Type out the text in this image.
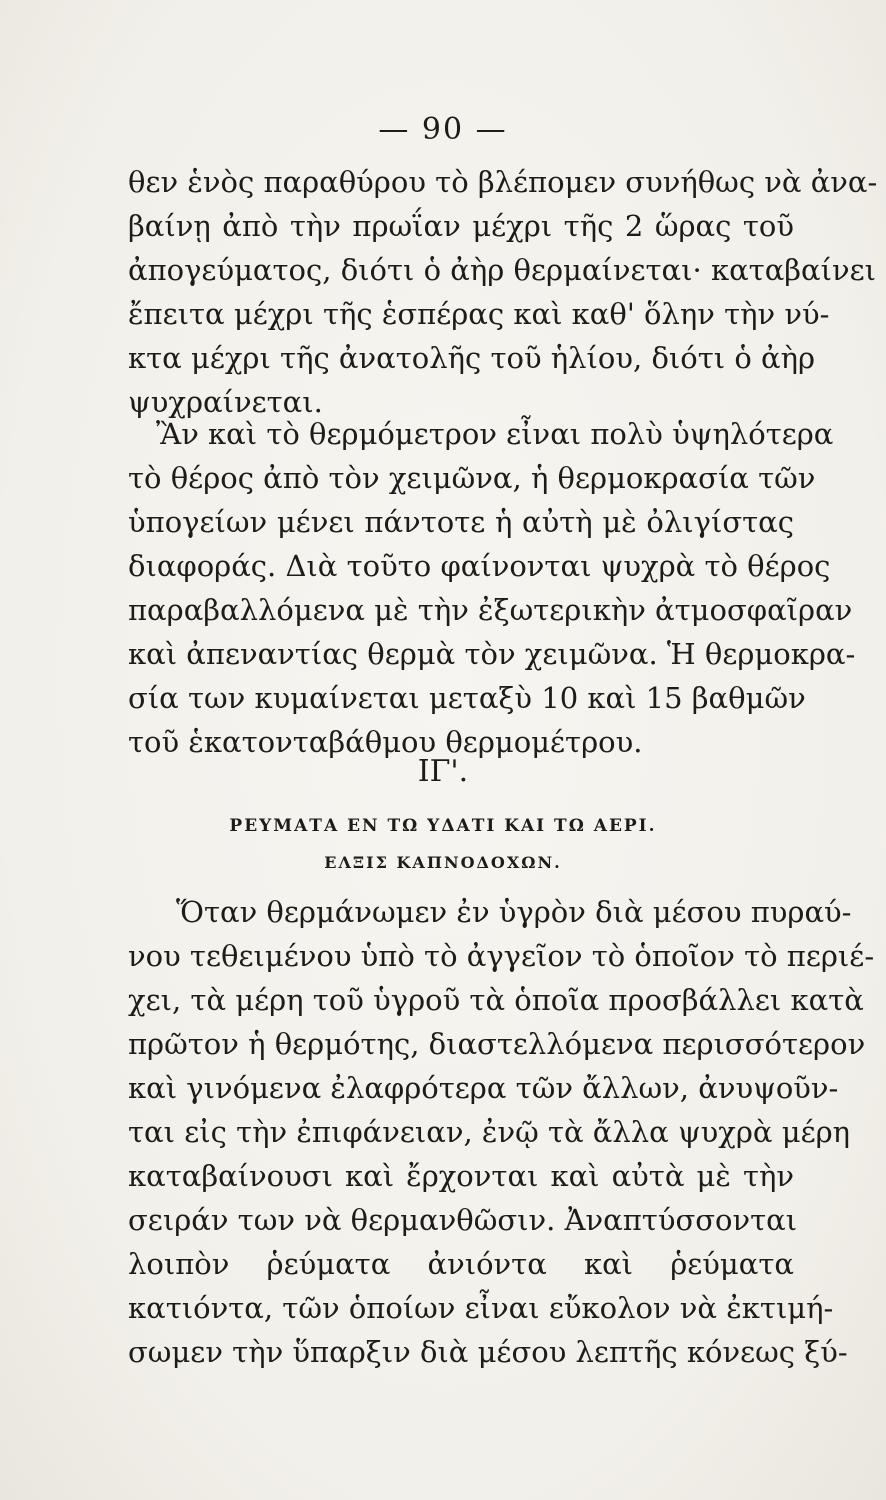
— 90 —
θεν ἑνὸς παραθύρου τὸ βλέπομεν συνήθως νὰ ἀνα-
βαίνῃ ἀπὸ τὴν πρωΐαν μέχρι τῆς 2 ὥρας τοῦ
ἀπογεύματος, διότι ὁ ἀὴρ θερμαίνεται· καταβαίνει
ἔπειτα μέχρι τῆς ἑσπέρας καὶ καθ' ὅλην τὴν νύ-
κτα μέχρι τῆς ἀνατολῆς τοῦ ἡλίου, διότι ὁ ἀὴρ
ψυχραίνεται.
Ἂν καὶ τὸ θερμόμετρον εἶναι πολὺ ὑψηλότερα
τὸ θέρος ἀπὸ τὸν χειμῶνα, ἡ θερμοκρασία τῶν
ὑπογείων μένει πάντοτε ἡ αὐτὴ μὲ ὀλιγίστας
διαφοράς. Διὰ τοῦτο φαίνονται ψυχρὰ τὸ θέρος
παραβαλλόμενα μὲ τὴν ἐξωτερικὴν ἀτμοσφαῖραν
καὶ ἀπεναντίας θερμὰ τὸν χειμῶνα. Ἡ θερμοκρα-
σία των κυμαίνεται μεταξὺ 10 καὶ 15 βαθμῶν
τοῦ ἑκατονταβάθμου θερμομέτρου.
ΙΓ'.
ΡΕΥΜΑΤΑ ΕΝ ΤΩ ΥΔΑΤΙ ΚΑΙ ΤΩ ΑΕΡΙ.
ΕΛΞΙΣ ΚΑΠΝΟΔΟΧΩΝ.
Ὅταν θερμάνωμεν ἐν ὑγρὸν διὰ μέσου πυραύ-
νου τεθειμένου ὑπὸ τὸ ἀγγεῖον τὸ ὁποῖον τὸ περιέ-
χει, τὰ μέρη τοῦ ὑγροῦ τὰ ὁποῖα προσβάλλει κατὰ
πρῶτον ἡ θερμότης, διαστελλόμενα περισσότερον
καὶ γινόμενα ἐλαφρότερα τῶν ἄλλων, ἀνυψοῦν-
ται εἰς τὴν ἐπιφάνειαν, ἐνῷ τὰ ἄλλα ψυχρὰ μέρη
καταβαίνουσι καὶ ἔρχονται καὶ αὐτὰ μὲ τὴν
σειράν των νὰ θερμανθῶσιν. Ἀναπτύσσονται
λοιπὸν ῥεύματα ἀνιόντα καὶ ῥεύματα
κατιόντα, τῶν ὁποίων εἶναι εὔκολον νὰ ἐκτιμή-
σωμεν τὴν ὕπαρξιν διὰ μέσου λεπτῆς κόνεως ξύ-
